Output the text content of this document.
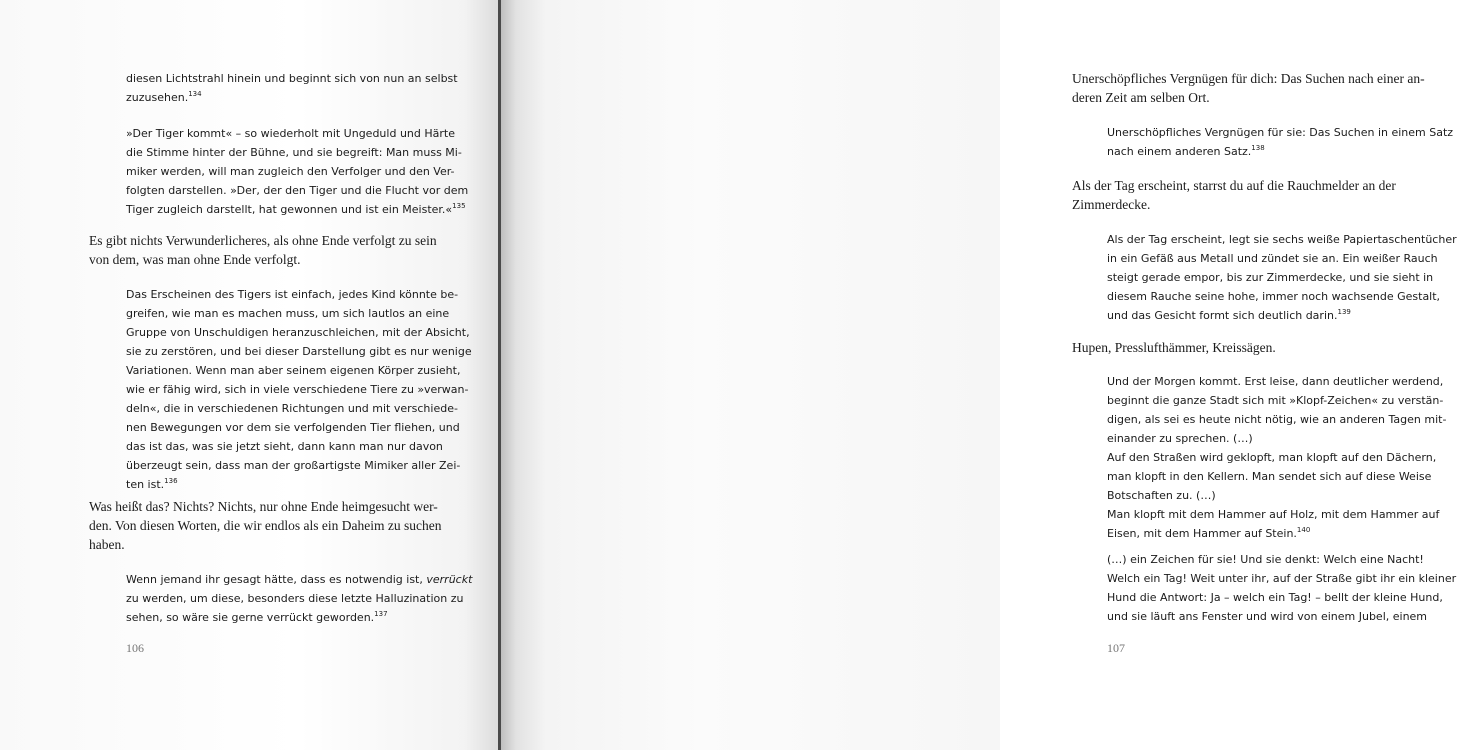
diesen Lichtstrahl hinein und beginnt sich von nun an selbst
zuzusehen.$^{134}$
»Der Tiger kommt« – so wiederholt mit Ungeduld und Härte
die Stimme hinter der Bühne, und sie begreift: Man muss Mi-
miker werden, will man zugleich den Verfolger und den Ver-
folgten darstellen. »Der, der den Tiger und die Flucht vor dem
Tiger zugleich darstellt, hat gewonnen und ist ein Meister.«$^{135}$
Es gibt nichts Verwunderlicheres, als ohne Ende verfolgt zu sein
von dem, was man ohne Ende verfolgt.
Das Erscheinen des Tigers ist einfach, jedes Kind könnte be-
greifen, wie man es machen muss, um sich lautlos an eine
Gruppe von Unschuldigen heranzuschleichen, mit der Absicht,
sie zu zerstören, und bei dieser Darstellung gibt es nur wenige
Variationen. Wenn man aber seinem eigenen Körper zusieht,
wie er fähig wird, sich in viele verschiedene Tiere zu »verwan-
deln«, die in verschiedenen Richtungen und mit verschiede-
nen Bewegungen vor dem sie verfolgenden Tier fliehen, und
das ist das, was sie jetzt sieht, dann kann man nur davon
überzeugt sein, dass man der großartigste Mimiker aller Zei-
ten ist.$^{136}$
Was heißt das? Nichts? Nichts, nur ohne Ende heimgesucht wer-
den. Von diesen Worten, die wir endlos als ein Daheim zu suchen
haben.
Wenn jemand ihr gesagt hätte, dass es notwendig ist, verrückt
zu werden, um diese, besonders diese letzte Halluzination zu
sehen, so wäre sie gerne verrückt geworden.$^{137}$
106
Unerschöpfliches Vergnügen für dich: Das Suchen nach einer an-
deren Zeit am selben Ort.
Unerschöpfliches Vergnügen für sie: Das Suchen in einem Satz
nach einem anderen Satz.$^{138}$
Als der Tag erscheint, starrst du auf die Rauchmelder an der
Zimmerdecke.
Als der Tag erscheint, legt sie sechs weiße Papiertaschentücher
in ein Gefäß aus Metall und zündet sie an. Ein weißer Rauch
steigt gerade empor, bis zur Zimmerdecke, und sie sieht in
diesem Rauche seine hohe, immer noch wachsende Gestalt,
und das Gesicht formt sich deutlich darin.$^{139}$
Hupen, Presslufthämmer, Kreissägen.
Und der Morgen kommt. Erst leise, dann deutlicher werdend,
beginnt die ganze Stadt sich mit »Klopf-Zeichen« zu verstän-
digen, als sei es heute nicht nötig, wie an anderen Tagen mit-
einander zu sprechen. (…)
Auf den Straßen wird geklopft, man klopft auf den Dächern,
man klopft in den Kellern. Man sendet sich auf diese Weise
Botschaften zu. (…)
Man klopft mit dem Hammer auf Holz, mit dem Hammer auf
Eisen, mit dem Hammer auf Stein.$^{140}$
(…) ein Zeichen für sie! Und sie denkt: Welch eine Nacht!
Welch ein Tag! Weit unter ihr, auf der Straße gibt ihr ein kleiner
Hund die Antwort: Ja – welch ein Tag! – bellt der kleine Hund,
und sie läuft ans Fenster und wird von einem Jubel, einem
107
